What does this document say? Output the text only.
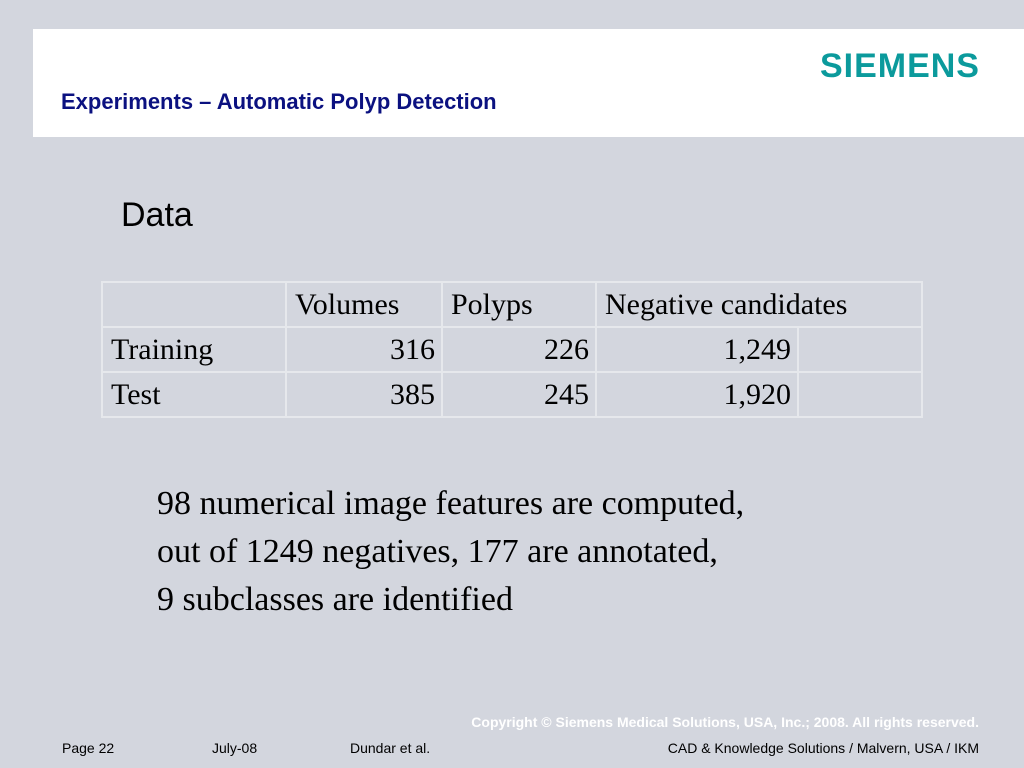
Experiments – Automatic Polyp Detection
SIEMENS
Data
	Volumes	Polyps	Negative candidates	
Training	316	226	1,249	
Test	385	245	1,920	
98 numerical image features are computed,
out of 1249 negatives, 177 are annotated,
9 subclasses are identified
Copyright © Siemens Medical Solutions, USA, Inc.; 2008. All rights reserved.
Page 22	July-08	Dundar et al.	CAD & Knowledge Solutions / Malvern, USA / IKM
